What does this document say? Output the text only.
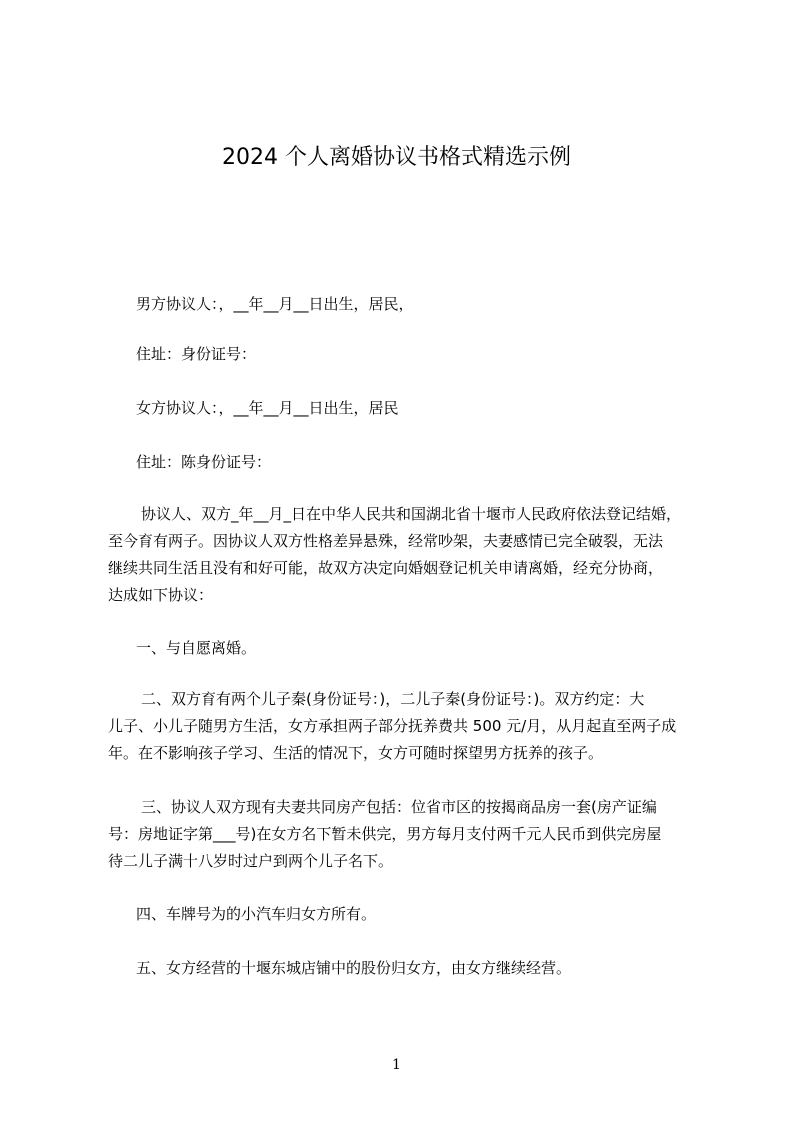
2024 个人离婚协议书格式精选示例
男方协议人：，__年__月__日出生，居民，
住址：身份证号：
女方协议人：，__年__月__日出生，居民
住址：陈身份证号：
协议人、双方_年__月_日在中华人民共和国湖北省十堰市人民政府依法登记结婚，
至今育有两子。因协议人双方性格差异悬殊，经常吵架，夫妻感情已完全破裂，无法
继续共同生活且没有和好可能，故双方决定向婚姻登记机关申请离婚，经充分协商，
达成如下协议：
一、与自愿离婚。
二、双方育有两个儿子秦(身份证号：)，二儿子秦(身份证号：)。双方约定：大
儿子、小儿子随男方生活，女方承担两子部分抚养费共 500 元/月，从月起直至两子成
年。在不影响孩子学习、生活的情况下，女方可随时探望男方抚养的孩子。
三、协议人双方现有夫妻共同房产包括：位省市区的按揭商品房一套(房产证编
号：房地证字第___号)在女方名下暂未供完，男方每月支付两千元人民币到供完房屋
待二儿子满十八岁时过户到两个儿子名下。
四、车牌号为的小汽车归女方所有。
五、女方经营的十堰东城店铺中的股份归女方，由女方继续经营。
1
